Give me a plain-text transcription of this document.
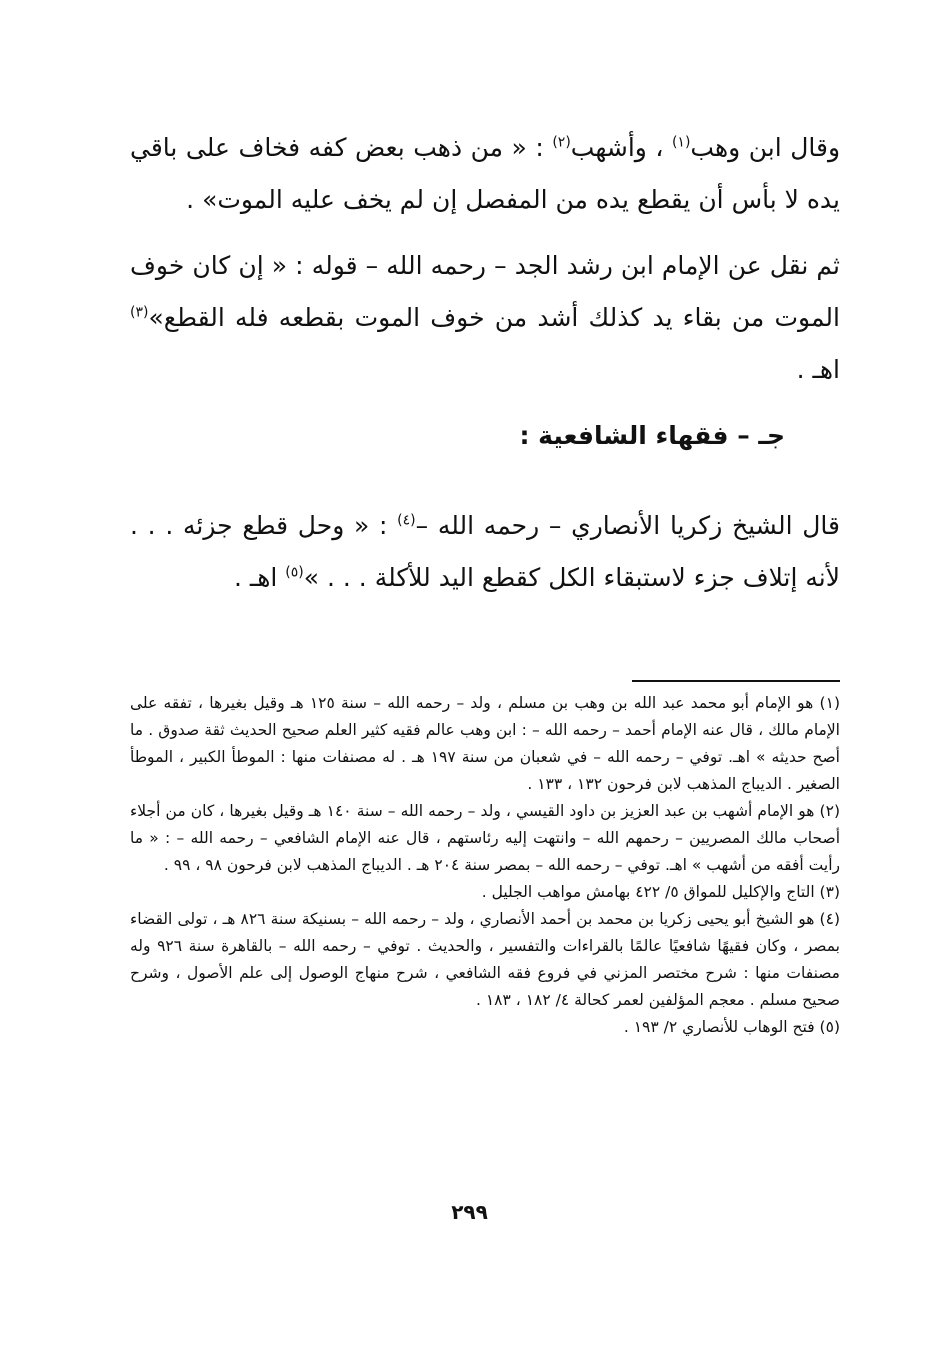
وقال ابن وهب$^{(١)}$ ، وأشهب$^{(٢)}$ : « من ذهب بعض كفه فخاف على باقي يده لا بأس أن يقطع يده من المفصل إن لم يخف عليه الموت» .

ثم نقل عن الإمام ابن رشد الجد – رحمه الله – قوله : « إن كان خوف الموت من بقاء يد كذلك أشد من خوف الموت بقطعه فله القطع»$^{(٣)}$ اهـ .

جـ – فقهاء الشافعية :

قال الشيخ زكريا الأنصاري – رحمه الله –$^{(٤)}$ : « وحل قطع جزئه . . . لأنه إتلاف جزء لاستبقاء الكل كقطع اليد للأكلة . . . »$^{(٥)}$ اهـ .

(١) هو الإمام أبو محمد عبد الله بن وهب بن مسلم ، ولد – رحمه الله – سنة ١٢٥ هـ وقيل بغيرها ، تفقه على الإمام مالك ، قال عنه الإمام أحمد – رحمه الله – : ابن وهب عالم فقيه كثير العلم صحيح الحديث ثقة صدوق . ما أصح حديثه » اهـ. توفي – رحمه الله – في شعبان من سنة ١٩٧ هـ . له مصنفات منها : الموطأ الكبير ، الموطأ الصغير . الديباج المذهب لابن فرحون ١٣٢ ، ١٣٣ .

(٢) هو الإمام أشهب بن عبد العزيز بن داود القيسي ، ولد – رحمه الله – سنة ١٤٠ هـ وقيل بغيرها ، كان من أجلاء أصحاب مالك المصريين – رحمهم الله – وانتهت إليه رئاستهم ، قال عنه الإمام الشافعي – رحمه الله – : « ما رأيت أفقه من أشهب » اهـ. توفي – رحمه الله – بمصر سنة ٢٠٤ هـ . الديباج المذهب لابن فرحون ٩٨ ، ٩٩ .

(٣) التاج والإكليل للمواق ٥/ ٤٢٢ بهامش مواهب الجليل .

(٤) هو الشيخ أبو يحيى زكريا بن محمد بن أحمد الأنصاري ، ولد – رحمه الله – بسنيكة سنة ٨٢٦ هـ ، تولى القضاء بمصر ، وكان فقيهًا شافعيًا عالمًا بالقراءات والتفسير ، والحديث . توفي – رحمه الله – بالقاهرة سنة ٩٢٦ وله مصنفات منها : شرح مختصر المزني في فروع فقه الشافعي ، شرح منهاج الوصول إلى علم الأصول ، وشرح صحيح مسلم . معجم المؤلفين لعمر كحالة ٤/ ١٨٢ ، ١٨٣ .

(٥) فتح الوهاب للأنصاري ٢/ ١٩٣ .

٢٩٩
